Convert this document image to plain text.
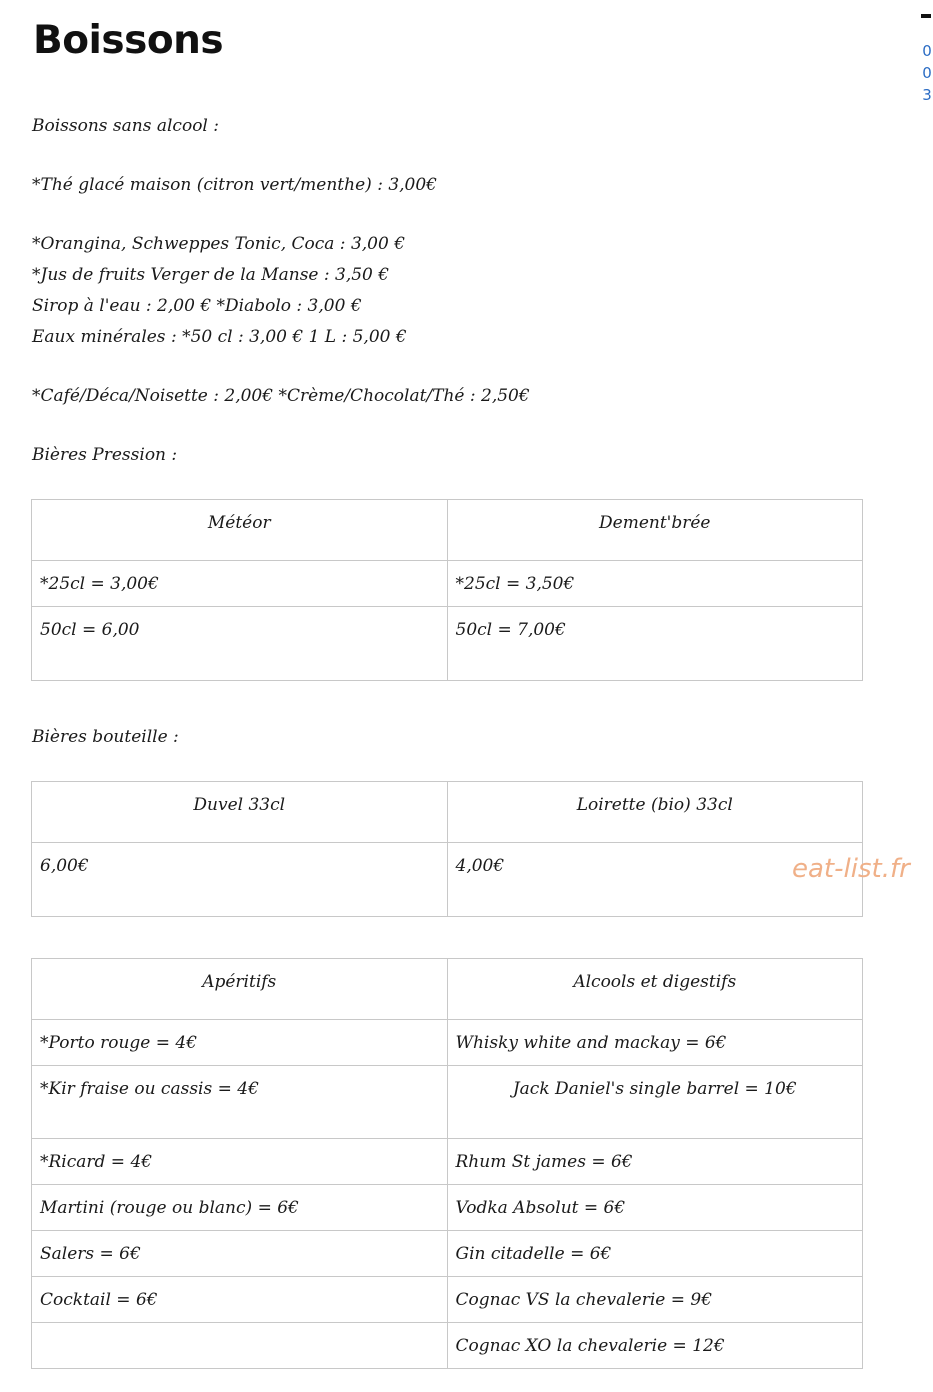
Boissons	0
0
3

Boissons sans alcool :

*Thé glacé maison (citron vert/menthe) : 3,00€

*Orangina, Schweppes Tonic, Coca : 3,00 €

*Jus de fruits Verger de la Manse : 3,50 €

Sirop à l'eau : 2,00 € *Diabolo : 3,00 €

Eaux minérales : *50 cl : 3,00 € 1 L : 5,00 €

*Café/Déca/Noisette : 2,00€ *Crème/Chocolat/Thé : 2,50€

Bières Pression :

Météor	Dement'brée
*25cl = 3,00€	*25cl = 3,50€
50cl = 6,00	50cl = 7,00€

Bières bouteille :

Duvel 33cl	Loirette (bio) 33cl
6,00€	4,00€
Apéritifs	Alcools et digestifs
*Porto rouge = 4€	Whisky white and mackay = 6€
*Kir fraise ou cassis = 4€	Jack Daniel's single barrel = 10€
*Ricard = 4€	Rhum St james = 6€
Martini (rouge ou blanc) = 6€	Vodka Absolut = 6€
Salers = 6€	Gin citadelle = 6€
Cocktail = 6€	Cognac VS la chevalerie = 9€
	Cognac XO la chevalerie = 12€
eat-list.fr
